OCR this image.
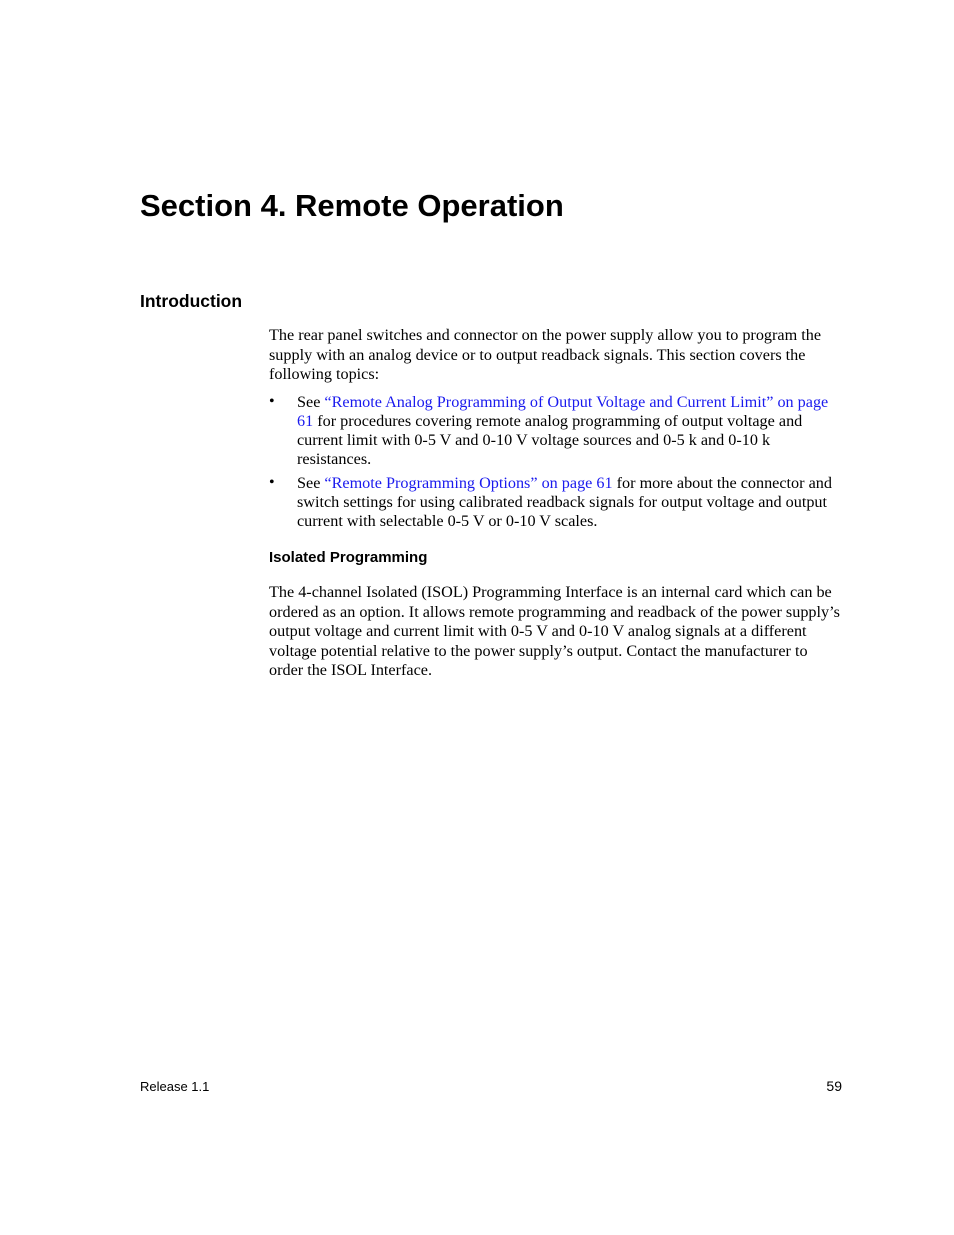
Section 4. Remote Operation
Introduction

The rear panel switches and connector on the power supply allow you to program the supply with an analog device or to output readback signals. This section covers the following topics:

• See “Remote Analog Programming of Output Voltage and Current Limit” on page 61 for procedures covering remote analog programming of output voltage and current limit with 0-5 V and 0-10 V voltage sources and 0-5 k and 0-10 k resistances.
• See “Remote Programming Options” on page 61 for more about the connector and switch settings for using calibrated readback signals for output voltage and output current with selectable 0-5 V or 0-10 V scales.
Isolated Programming

The 4-channel Isolated (ISOL) Programming Interface is an internal card which can be ordered as an option. It allows remote programming and readback of the power supply’s output voltage and current limit with 0-5 V and 0-10 V analog signals at a different voltage potential relative to the power supply’s output. Contact the manufacturer to order the ISOL Interface.

Release 1.1	59
